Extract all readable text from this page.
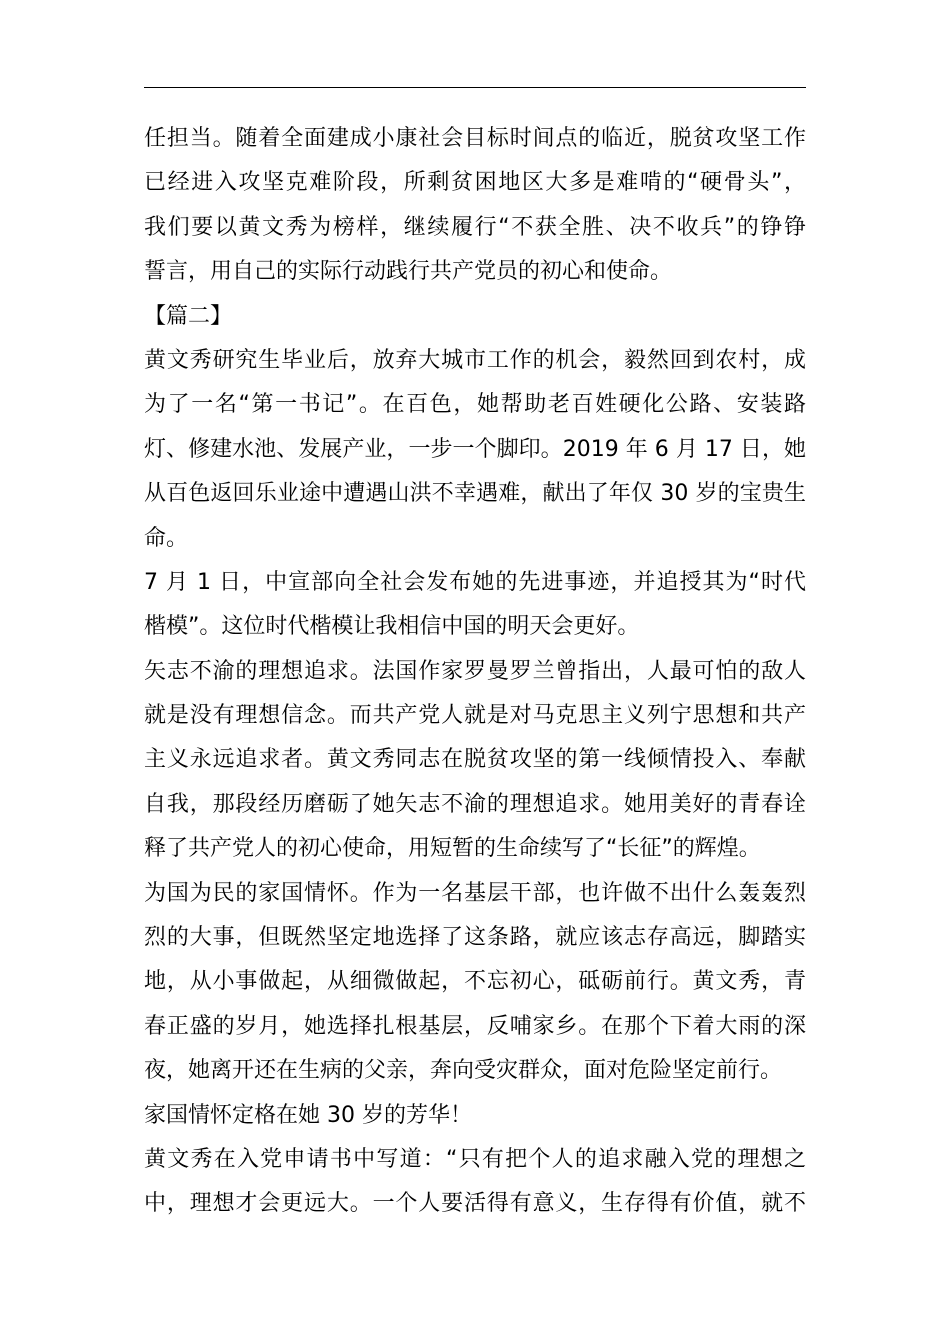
任担当。随着全面建成小康社会目标时间点的临近，脱贫攻坚工作
已经进入攻坚克难阶段，所剩贫困地区大多是难啃的“硬骨头”，
我们要以黄文秀为榜样，继续履行“不获全胜、决不收兵”的铮铮
誓言，用自己的实际行动践行共产党员的初心和使命。
【篇二】
黄文秀研究生毕业后，放弃大城市工作的机会，毅然回到农村，成
为了一名“第一书记”。在百色，她帮助老百姓硬化公路、安装路
灯、修建水池、发展产业，一步一个脚印。2019 年 6 月 17 日，她
从百色返回乐业途中遭遇山洪不幸遇难，献出了年仅 30 岁的宝贵生
命。
7 月 1 日，中宣部向全社会发布她的先进事迹，并追授其为“时代
楷模”。这位时代楷模让我相信中国的明天会更好。
矢志不渝的理想追求。法国作家罗曼罗兰曾指出，人最可怕的敌人
就是没有理想信念。而共产党人就是对马克思主义列宁思想和共产
主义永远追求者。黄文秀同志在脱贫攻坚的第一线倾情投入、奉献
自我，那段经历磨砺了她矢志不渝的理想追求。她用美好的青春诠
释了共产党人的初心使命，用短暂的生命续写了“长征”的辉煌。
为国为民的家国情怀。作为一名基层干部，也许做不出什么轰轰烈
烈的大事，但既然坚定地选择了这条路，就应该志存高远，脚踏实
地，从小事做起，从细微做起，不忘初心，砥砺前行。黄文秀，青
春正盛的岁月，她选择扎根基层，反哺家乡。在那个下着大雨的深
夜，她离开还在生病的父亲，奔向受灾群众，面对危险坚定前行。
家国情怀定格在她 30 岁的芳华！
黄文秀在入党申请书中写道：“只有把个人的追求融入党的理想之
中，理想才会更远大。一个人要活得有意义，生存得有价值，就不
